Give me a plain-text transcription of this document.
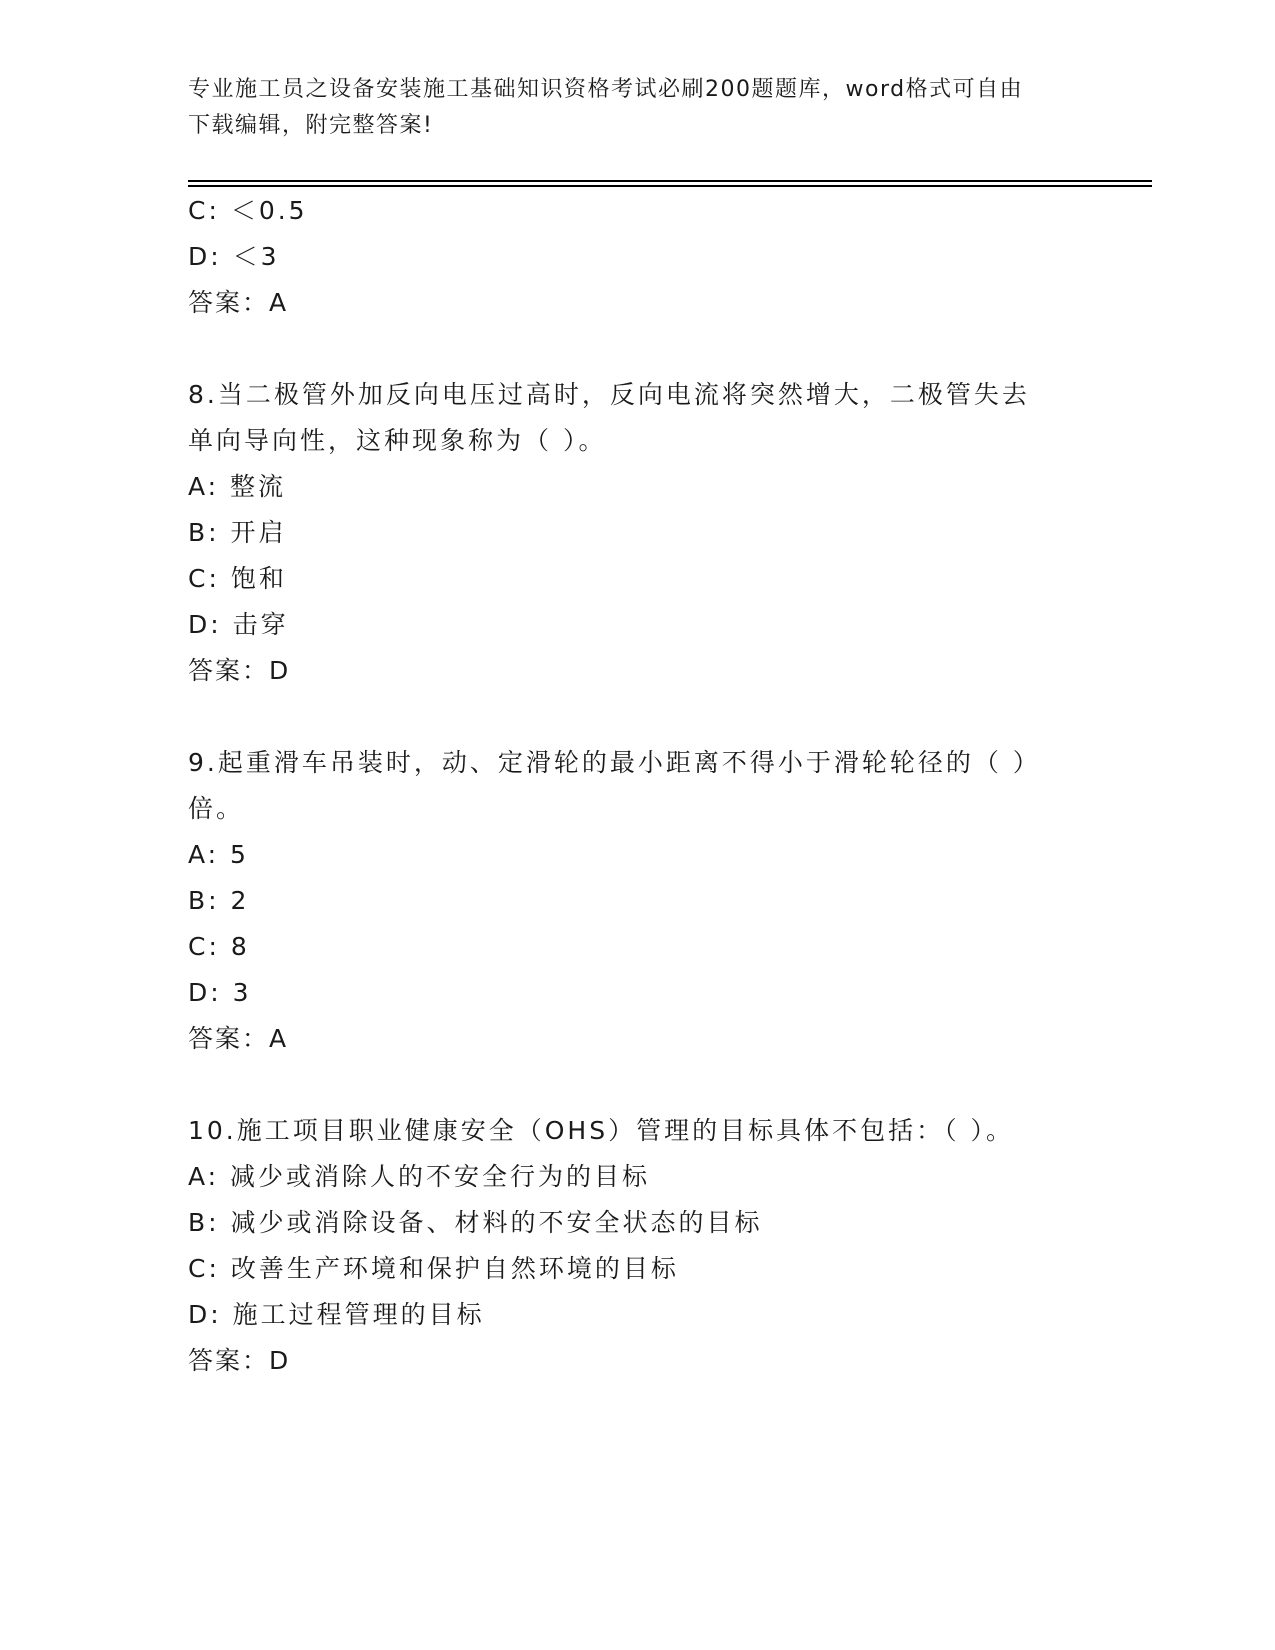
专业施工员之设备安装施工基础知识资格考试必刷200题题库，word格式可自由
下载编辑，附完整答案!
C: ＜0.5
D: ＜3
答案：A
8.当二极管外加反向电压过高时，反向电流将突然增大，二极管失去
单向导向性，这种现象称为（ ）。
A: 整流
B: 开启
C: 饱和
D: 击穿
答案：D
9.起重滑车吊装时，动、定滑轮的最小距离不得小于滑轮轮径的（ ）
倍。
A: 5
B: 2
C: 8
D: 3
答案：A
10.施工项目职业健康安全（OHS）管理的目标具体不包括：（ ）。
A: 减少或消除人的不安全行为的目标
B: 减少或消除设备、材料的不安全状态的目标
C: 改善生产环境和保护自然环境的目标
D: 施工过程管理的目标
答案：D
